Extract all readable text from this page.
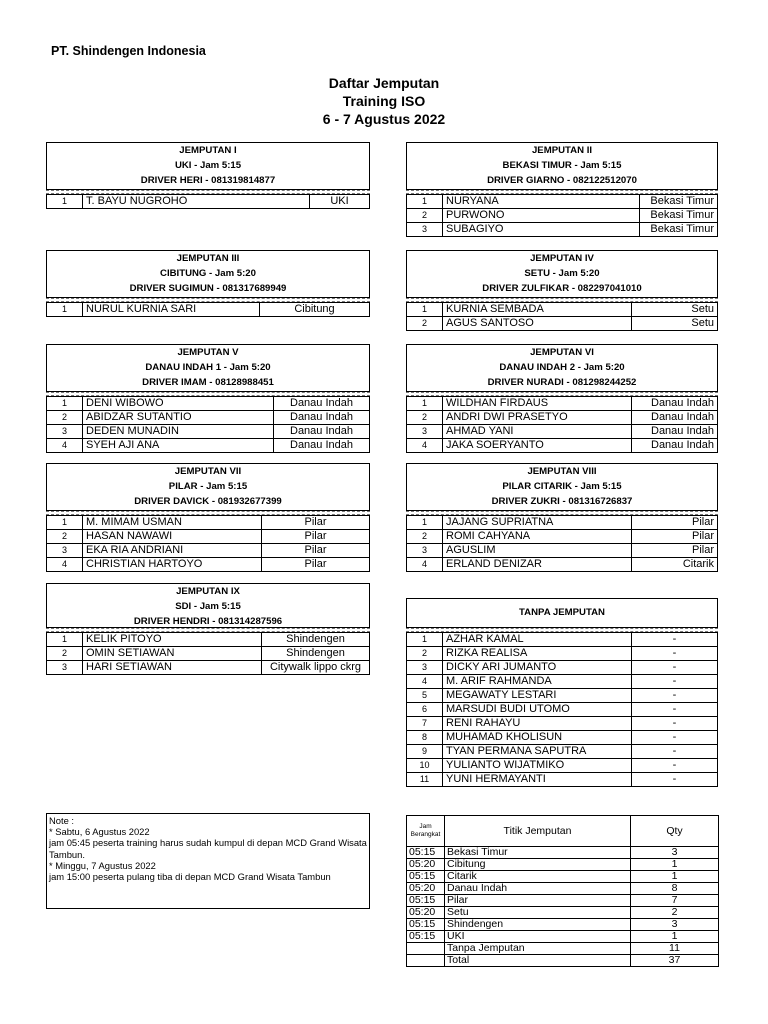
PT. Shindengen Indonesia
Daftar Jemputan
Training ISO
6 - 7 Agustus 2022
JEMPUTAN I
UKI - Jam 5:15
DRIVER HERI - 081319814877
1	T. BAYU NUGROHO	UKI
JEMPUTAN II
BEKASI TIMUR - Jam 5:15
DRIVER GIARNO - 082122512070
1	NURYANA	Bekasi Timur
2	PURWONO	Bekasi Timur
3	SUBAGIYO	Bekasi Timur
JEMPUTAN III
CIBITUNG - Jam 5:20
DRIVER SUGIMUN - 081317689949
1	NURUL KURNIA SARI	Cibitung
JEMPUTAN IV
SETU - Jam 5:20
DRIVER ZULFIKAR - 082297041010
1	KURNIA SEMBADA	Setu
2	AGUS SANTOSO	Setu
JEMPUTAN V
DANAU INDAH 1 - Jam 5:20
DRIVER IMAM - 08128988451
1	DENI WIBOWO	Danau Indah
2	ABIDZAR SUTANTIO	Danau Indah
3	DEDEN MUNADIN	Danau Indah
4	SYEH AJI ANA	Danau Indah
JEMPUTAN VI
DANAU INDAH 2 - Jam 5:20
DRIVER NURADI - 081298244252
1	WILDHAN FIRDAUS	Danau Indah
2	ANDRI DWI PRASETYO	Danau Indah
3	AHMAD YANI	Danau Indah
4	JAKA SOERYANTO	Danau Indah
JEMPUTAN VII
PILAR - Jam 5:15
DRIVER DAVICK - 081932677399
1	M. MIMAM USMAN	Pilar
2	HASAN NAWAWI	Pilar
3	EKA RIA ANDRIANI	Pilar
4	CHRISTIAN HARTOYO	Pilar
JEMPUTAN VIII
PILAR CITARIK - Jam 5:15
DRIVER ZUKRI - 081316726837
1	JAJANG SUPRIATNA	Pilar
2	ROMI CAHYANA	Pilar
3	AGUSLIM	Pilar
4	ERLAND DENIZAR	Citarik
JEMPUTAN IX
SDI - Jam 5:15
DRIVER HENDRI - 081314287596
1	KELIK PITOYO	Shindengen
2	OMIN SETIAWAN	Shindengen
3	HARI SETIAWAN	Citywalk lippo ckrg
TANPA JEMPUTAN
1	AZHAR KAMAL	-
2	RIZKA REALISA	-
3	DICKY ARI JUMANTO	-
4	M. ARIF RAHMANDA	-
5	MEGAWATY LESTARI	-
6	MARSUDI BUDI UTOMO	-
7	RENI RAHAYU	-
8	MUHAMAD KHOLISUN	-
9	TYAN PERMANA SAPUTRA	-
10	YULIANTO WIJATMIKO	-
11	YUNI HERMAYANTI	-
Note :
* Sabtu, 6 Agustus 2022
jam 05:45 peserta training harus sudah kumpul di depan MCD Grand Wisata Tambun.
* Minggu, 7 Agustus 2022
jam 15:00 peserta pulang tiba di depan MCD Grand Wisata Tambun
Jam Berangkat	Titik Jemputan	Qty
05:15	Bekasi Timur	3
05:20	Cibitung	1
05:15	Citarik	1
05:20	Danau Indah	8
05:15	Pilar	7
05:20	Setu	2
05:15	Shindengen	3
05:15	UKI	1
	Tanpa Jemputan	11
	Total	37
